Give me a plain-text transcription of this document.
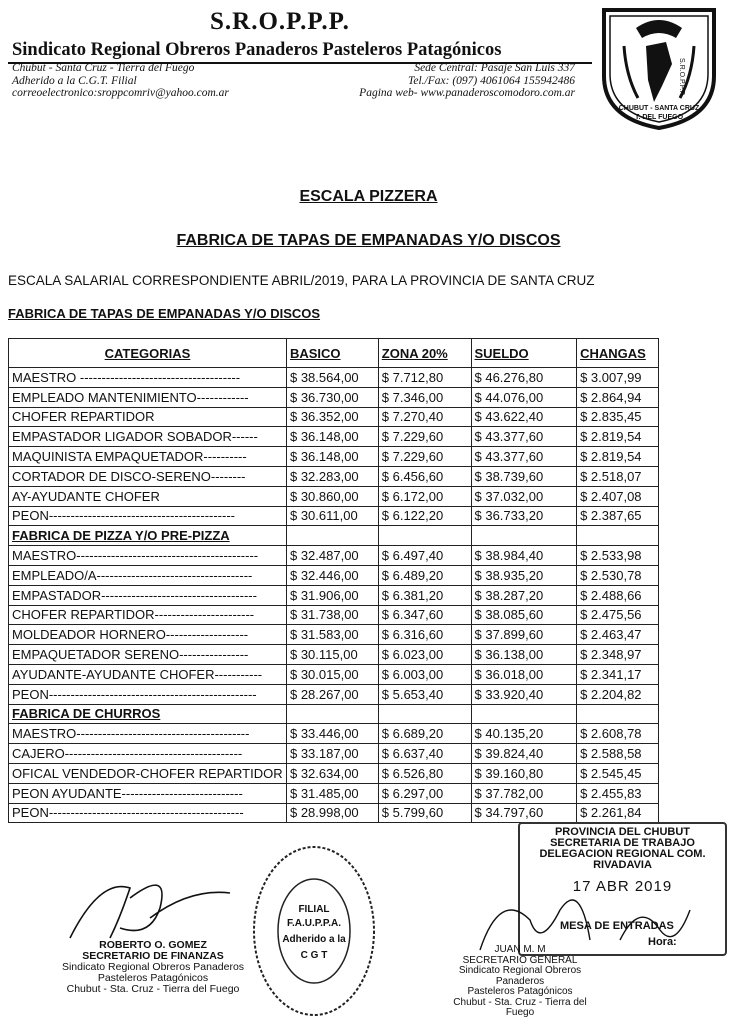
S.R.O.P.P.P.
Sindicato Regional Obreros Panaderos Pasteleros Patagónicos
Chubut - Santa Cruz - Tierra del Fuego
Adherido a la C.G.T. Filial
correoelectronico:sroppcomriv@yahoo.com.ar
Sede Central: Pasaje San Luis 337
Tel./Fax: (097) 4061064 155942486
Pagina web- www.panaderoscomodoro.com.ar	S.R.O.P.P.P.
CHUBUT - SANTA CRUZ
T. DEL FUEGO
ESCALA PIZZERA
FABRICA DE TAPAS DE EMPANADAS Y/O DISCOS
ESCALA SALARIAL CORRESPONDIENTE ABRIL/2019, PARA LA PROVINCIA DE SANTA CRUZ
FABRICA DE TAPAS DE EMPANADAS Y/O DISCOS
CATEGORIAS	BASICO	ZONA 20%	SUELDO	CHANGAS
MAESTRO -------------------------------------	$ 38.564,00	$ 7.712,80	$ 46.276,80	$ 3.007,99
EMPLEADO MANTENIMIENTO------------	$ 36.730,00	$ 7.346,00	$ 44.076,00	$ 2.864,94
CHOFER REPARTIDOR	$ 36.352,00	$ 7.270,40	$ 43.622,40	$ 2.835,45
EMPASTADOR LIGADOR SOBADOR------	$ 36.148,00	$ 7.229,60	$ 43.377,60	$ 2.819,54
MAQUINISTA EMPAQUETADOR----------	$ 36.148,00	$ 7.229,60	$ 43.377,60	$ 2.819,54
CORTADOR DE DISCO-SERENO--------	$ 32.283,00	$ 6.456,60	$ 38.739,60	$ 2.518,07
AY-AYUDANTE CHOFER	$ 30.860,00	$ 6.172,00	$ 37.032,00	$ 2.407,08
PEON-------------------------------------------	$ 30.611,00	$ 6.122,20	$ 36.733,20	$ 2.387,65
FABRICA DE PIZZA Y/O PRE-PIZZA				
MAESTRO------------------------------------------	$ 32.487,00	$ 6.497,40	$ 38.984,40	$ 2.533,98
EMPLEADO/A------------------------------------	$ 32.446,00	$ 6.489,20	$ 38.935,20	$ 2.530,78
EMPASTADOR------------------------------------	$ 31.906,00	$ 6.381,20	$ 38.287,20	$ 2.488,66
CHOFER REPARTIDOR-----------------------	$ 31.738,00	$ 6.347,60	$ 38.085,60	$ 2.475,56
MOLDEADOR HORNERO-------------------	$ 31.583,00	$ 6.316,60	$ 37.899,60	$ 2.463,47
EMPAQUETADOR SERENO----------------	$ 30.115,00	$ 6.023,00	$ 36.138,00	$ 2.348,97
AYUDANTE-AYUDANTE CHOFER-----------	$ 30.015,00	$ 6.003,00	$ 36.018,00	$ 2.341,17
PEON------------------------------------------------	$ 28.267,00	$ 5.653,40	$ 33.920,40	$ 2.204,82
FABRICA DE CHURROS				
MAESTRO----------------------------------------	$ 33.446,00	$ 6.689,20	$ 40.135,20	$ 2.608,78
CAJERO-----------------------------------------	$ 33.187,00	$ 6.637,40	$ 39.824,40	$ 2.588,58
OFICAL VENDEDOR-CHOFER REPARTIDOR	$ 32.634,00	$ 6.526,80	$ 39.160,80	$ 2.545,45
PEON AYUDANTE----------------------------	$ 31.485,00	$ 6.297,00	$ 37.782,00	$ 2.455,83
PEON---------------------------------------------	$ 28.998,00	$ 5.799,60	$ 34.797,60	$ 2.261,84
PROVINCIA DEL CHUBUT
SECRETARIA DE TRABAJO
DELEGACION REGIONAL COM. RIVADAVIA
17 ABR 2019
MESA DE ENTRADAS
Hora:
FILIAL
F.A.U.P.P.A.
Adherido a la
C G T
ROBERTO O. GOMEZ
SECRETARIO DE FINANZAS
Sindicato Regional Obreros Panaderos
Pasteleros Patagónicos
Chubut - Sta. Cruz - Tierra del Fuego
JUAN M. M
SECRETARIO GENERAL
Sindicato Regional Obreros Panaderos
Pasteleros Patagónicos
Chubut - Sta. Cruz - Tierra del Fuego
